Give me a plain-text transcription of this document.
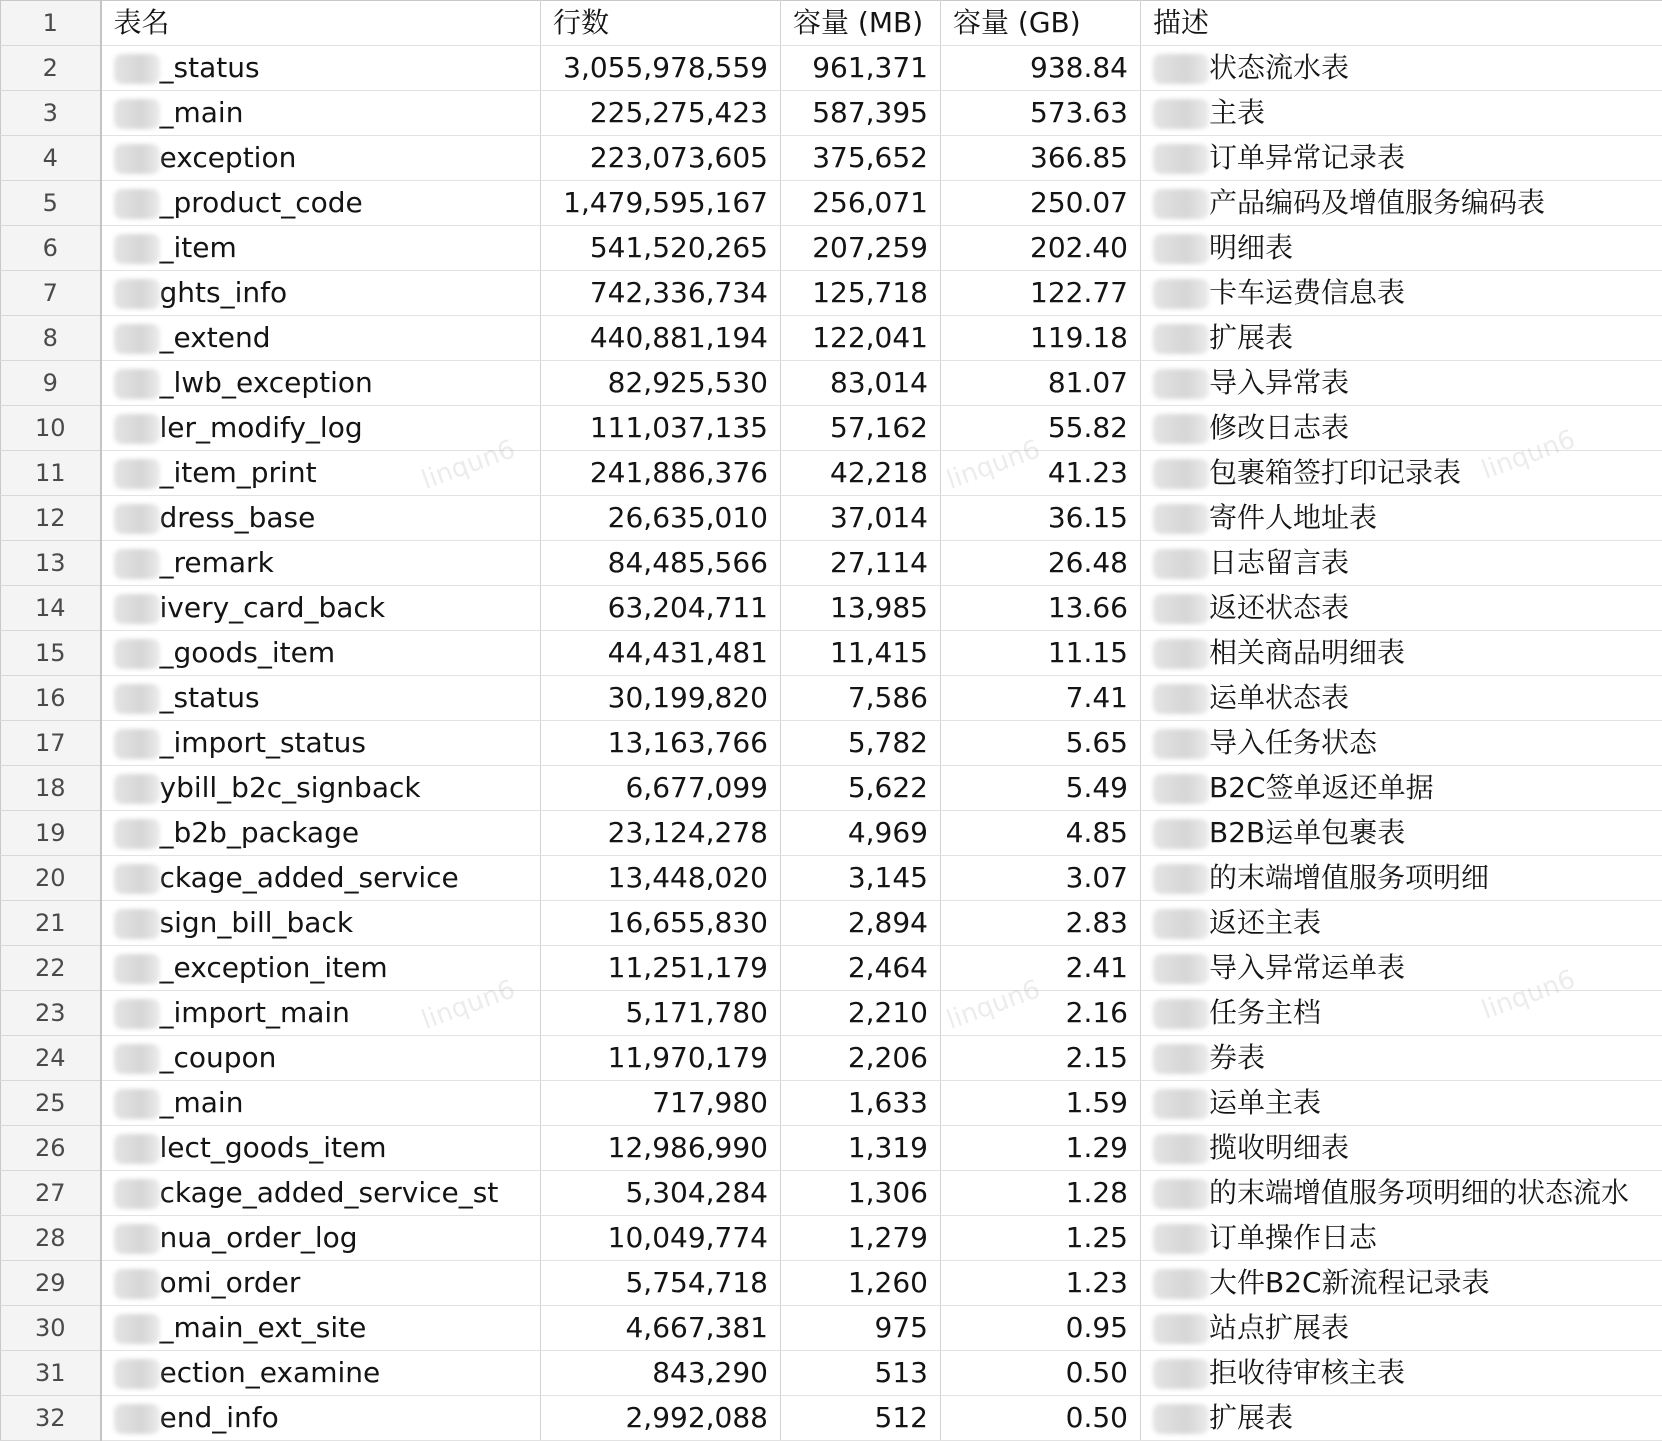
1	表名	行数	容量 (MB)	容量 (GB)	描述
2	_status	3,055,978,559	961,371	938.84	状态流水表
3	_main	225,275,423	587,395	573.63	主表
4	exception	223,073,605	375,652	366.85	订单异常记录表
5	_product_code	1,479,595,167	256,071	250.07	产品编码及增值服务编码表
6	_item	541,520,265	207,259	202.40	明细表
7	ghts_info	742,336,734	125,718	122.77	卡车运费信息表
8	_extend	440,881,194	122,041	119.18	扩展表
9	_lwb_exception	82,925,530	83,014	81.07	导入异常表
10	ler_modify_log	111,037,135	57,162	55.82	修改日志表
11	_item_print	241,886,376	42,218	41.23	包裹箱签打印记录表
12	dress_base	26,635,010	37,014	36.15	寄件人地址表
13	_remark	84,485,566	27,114	26.48	日志留言表
14	ivery_card_back	63,204,711	13,985	13.66	返还状态表
15	_goods_item	44,431,481	11,415	11.15	相关商品明细表
16	_status	30,199,820	7,586	7.41	运单状态表
17	_import_status	13,163,766	5,782	5.65	导入任务状态
18	ybill_b2c_signback	6,677,099	5,622	5.49	B2C签单返还单据
19	_b2b_package	23,124,278	4,969	4.85	B2B运单包裹表
20	ckage_added_service	13,448,020	3,145	3.07	的末端增值服务项明细
21	sign_bill_back	16,655,830	2,894	2.83	返还主表
22	_exception_item	11,251,179	2,464	2.41	导入异常运单表
23	_import_main	5,171,780	2,210	2.16	任务主档
24	_coupon	11,970,179	2,206	2.15	券表
25	_main	717,980	1,633	1.59	运单主表
26	lect_goods_item	12,986,990	1,319	1.29	揽收明细表
27	ckage_added_service_st	5,304,284	1,306	1.28	的末端增值服务项明细的状态流水
28	nua_order_log	10,049,774	1,279	1.25	订单操作日志
29	omi_order	5,754,718	1,260	1.23	大件B2C新流程记录表
30	_main_ext_site	4,667,381	975	0.95	站点扩展表
31	ection_examine	843,290	513	0.50	拒收待审核主表
32	end_info	2,992,088	512	0.50	扩展表
linqun6	linqun6	linqun6
linqun6	linqun6	linqun6
